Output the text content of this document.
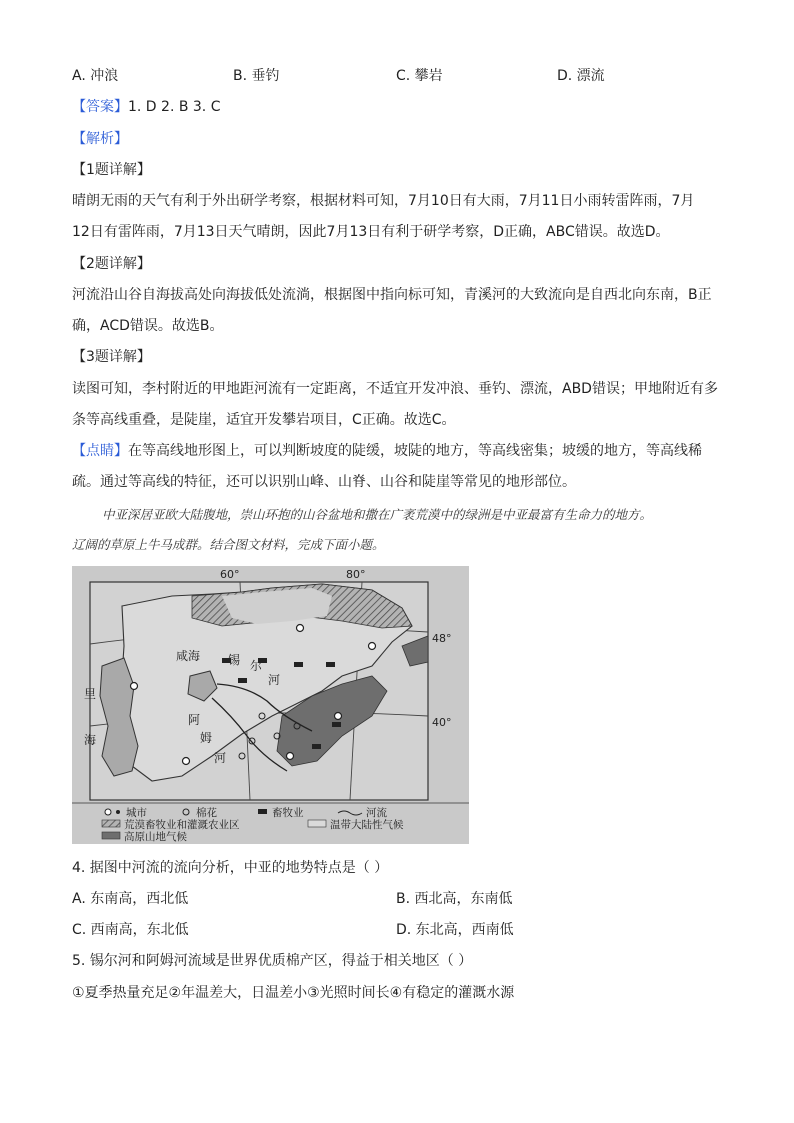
A. 冲浪	B. 垂钓	C. 攀岩	D. 漂流
【答案】1. D 2. B 3. C
【解析】
【1题详解】
晴朗无雨的天气有利于外出研学考察，根据材料可知，7月10日有大雨，7月11日小雨转雷阵雨，7月
12日有雷阵雨，7月13日天气晴朗，因此7月13日有利于研学考察，D正确，ABC错误。故选D。
【2题详解】
河流沿山谷自海拔高处向海拔低处流淌，根据图中指向标可知，青溪河的大致流向是自西北向东南，B正
确，ACD错误。故选B。
【3题详解】
读图可知，李村附近的甲地距河流有一定距离，不适宜开发冲浪、垂钓、漂流，ABD错误；甲地附近有多
条等高线重叠，是陡崖，适宜开发攀岩项目，C正确。故选C。
【点睛】在等高线地形图上，可以判断坡度的陡缓，坡陡的地方，等高线密集；坡缓的地方，等高线稀
疏。通过等高线的特征，还可以识别山峰、山脊、山谷和陡崖等常见的地形部位。
中亚深居亚欧大陆腹地，崇山环抱的山谷盆地和撒在广袤荒漠中的绿洲是中亚最富有生命力的地方。
辽阔的草原上牛马成群。结合图文材料，完成下面小题。
60°	80°
48°
40°
里
海
咸海 锡 尔
河
阿
姆
河
城市	棉花	畜牧业	河流
荒漠畜牧业和灌溉农业区	温带大陆性气候
高原山地气候
4. 据图中河流的流向分析，中亚的地势特点是（ ）
A. 东南高，西北低	B. 西北高，东南低
C. 西南高，东北低	D. 东北高，西南低
5. 锡尔河和阿姆河流域是世界优质棉产区，得益于相关地区（ ）
①夏季热量充足②年温差大，日温差小③光照时间长④有稳定的灌溉水源
